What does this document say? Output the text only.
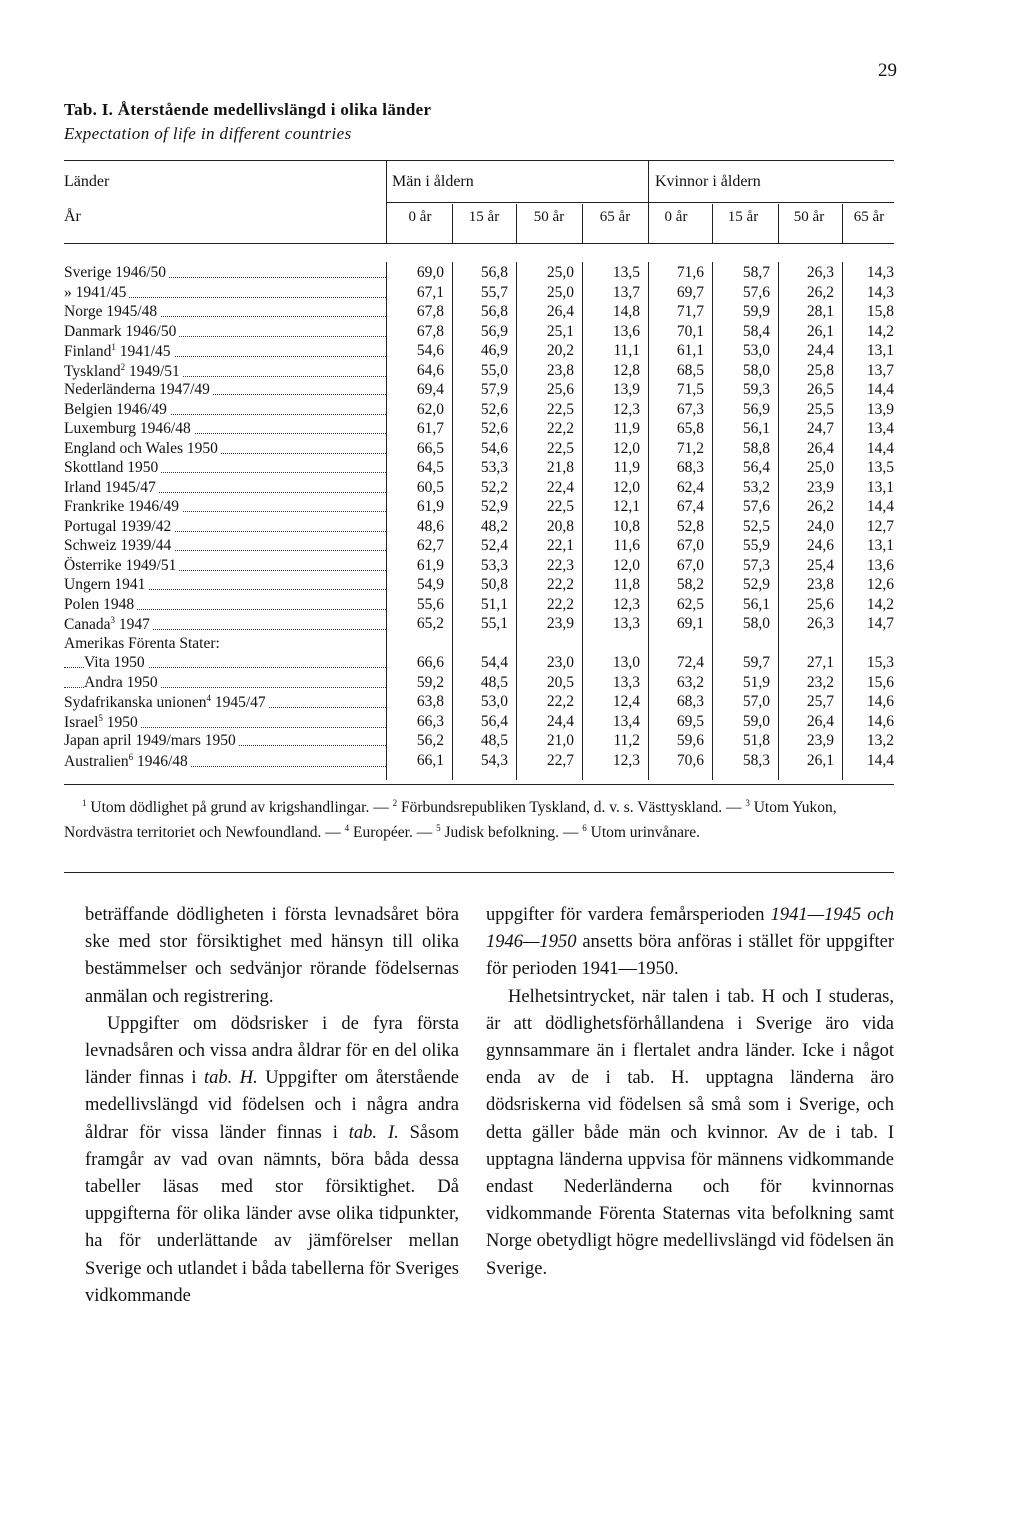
29
Tab. I. Återstående medellivslängd i olika länder
Expectation of life in different countries
Länder
År
Män i åldern	Kvinnor i åldern
0 år	15 år	50 år	65 år	0 år	15 år	50 år	65 år
Sverige 1946/50	69,0	56,8	25,0	13,5	71,6	58,7	26,3	14,3
» 1941/45	67,1	55,7	25,0	13,7	69,7	57,6	26,2	14,3
Norge 1945/48	67,8	56,8	26,4	14,8	71,7	59,9	28,1	15,8
Danmark 1946/50	67,8	56,9	25,1	13,6	70,1	58,4	26,1	14,2
Finland$^1$ 1941/45	54,6	46,9	20,2	11,1	61,1	53,0	24,4	13,1
Tyskland$^2$ 1949/51	64,6	55,0	23,8	12,8	68,5	58,0	25,8	13,7
Nederländerna 1947/49	69,4	57,9	25,6	13,9	71,5	59,3	26,5	14,4
Belgien 1946/49	62,0	52,6	22,5	12,3	67,3	56,9	25,5	13,9
Luxemburg 1946/48	61,7	52,6	22,2	11,9	65,8	56,1	24,7	13,4
England och Wales 1950	66,5	54,6	22,5	12,0	71,2	58,8	26,4	14,4
Skottland 1950	64,5	53,3	21,8	11,9	68,3	56,4	25,0	13,5
Irland 1945/47	60,5	52,2	22,4	12,0	62,4	53,2	23,9	13,1
Frankrike 1946/49	61,9	52,9	22,5	12,1	67,4	57,6	26,2	14,4
Portugal 1939/42	48,6	48,2	20,8	10,8	52,8	52,5	24,0	12,7
Schweiz 1939/44	62,7	52,4	22,1	11,6	67,0	55,9	24,6	13,1
Österrike 1949/51	61,9	53,3	22,3	12,0	67,0	57,3	25,4	13,6
Ungern 1941	54,9	50,8	22,2	11,8	58,2	52,9	23,8	12,6
Polen 1948	55,6	51,1	22,2	12,3	62,5	56,1	25,6	14,2
Canada$^3$ 1947	65,2	55,1	23,9	13,3	69,1	58,0	26,3	14,7
Amerikas Förenta Stater:
Vita 1950	66,6	54,4	23,0	13,0	72,4	59,7	27,1	15,3
Andra 1950	59,2	48,5	20,5	13,3	63,2	51,9	23,2	15,6
Sydafrikanska unionen$^4$ 1945/47	63,8	53,0	22,2	12,4	68,3	57,0	25,7	14,6
Israel$^5$ 1950	66,3	56,4	24,4	13,4	69,5	59,0	26,4	14,6
Japan april 1949/mars 1950	56,2	48,5	21,0	11,2	59,6	51,8	23,9	13,2
Australien$^6$ 1946/48	66,1	54,3	22,7	12,3	70,6	58,3	26,1	14,4

$^1$ Utom dödlighet på grund av krigshandlingar. — $^2$ Förbundsrepubliken Tyskland, d. v. s. Västtyskland. — $^3$ Utom Yukon, Nordvästra territoriet och Newfoundland. — $^4$ Européer. — $^5$ Judisk befolkning. — $^6$ Utom urinvånare.

beträffande dödligheten i första levnadsåret böra ske med stor försiktighet med hänsyn till olika bestämmelser och sedvänjor rörande födelsernas anmälan och registrering.

Uppgifter om dödsrisker i de fyra första levnadsåren och vissa andra åldrar för en del olika länder finnas i tab. H. Uppgifter om återstående medellivslängd vid födelsen och i några andra åldrar för vissa länder finnas i tab. I. Såsom framgår av vad ovan nämnts, böra båda dessa tabeller läsas med stor försiktighet. Då uppgifterna för olika länder avse olika tidpunkter, ha för underlättande av jämförelser mellan Sverige och utlandet i båda tabellerna för Sveriges vidkommande

uppgifter för vardera femårsperioden 1941—1945 och 1946—1950 ansetts böra anföras i stället för uppgifter för perioden 1941—1950.

Helhetsintrycket, när talen i tab. H och I studeras, är att dödlighetsförhållandena i Sverige äro vida gynnsammare än i flertalet andra länder. Icke i något enda av de i tab. H. upptagna länderna äro dödsriskerna vid födelsen så små som i Sverige, och detta gäller både män och kvinnor. Av de i tab. I upptagna länderna uppvisa för männens vidkommande endast Nederländerna och för kvinnornas vidkommande Förenta Staternas vita befolkning samt Norge obetydligt högre medellivslängd vid födelsen än Sverige.
